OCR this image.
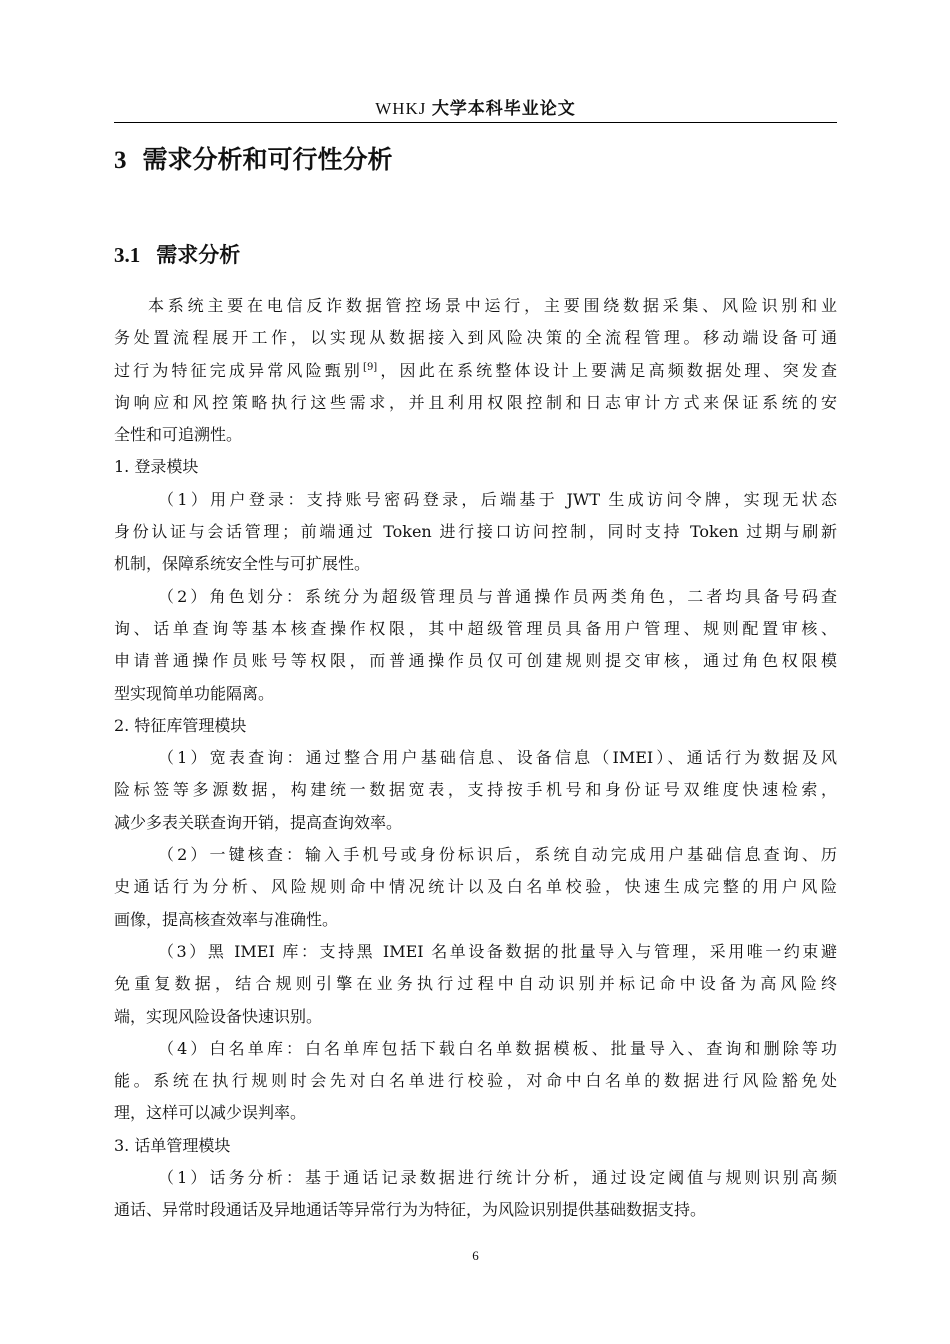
WHKJ 大学本科毕业论文
3 需求分析和可行性分析
3.1 需求分析
本系统主要在电信反诈数据管控场景中运行，主要围绕数据采集、风险识别和业
务处置流程展开工作，以实现从数据接入到风险决策的全流程管理。移动端设备可通
过行为特征完成异常风险甄别[9]，因此在系统整体设计上要满足高频数据处理、突发查
询响应和风控策略执行这些需求，并且利用权限控制和日志审计方式来保证系统的安
全性和可追溯性。
1. 登录模块
（1）用户登录：支持账号密码登录，后端基于 JWT 生成访问令牌，实现无状态
身份认证与会话管理；前端通过 Token 进行接口访问控制，同时支持 Token 过期与刷新
机制，保障系统安全性与可扩展性。
（2）角色划分：系统分为超级管理员与普通操作员两类角色，二者均具备号码查
询、话单查询等基本核查操作权限，其中超级管理员具备用户管理、规则配置审核、
申请普通操作员账号等权限，而普通操作员仅可创建规则提交审核，通过角色权限模
型实现简单功能隔离。
2. 特征库管理模块
（1）宽表查询：通过整合用户基础信息、设备信息（IMEI）、通话行为数据及风
险标签等多源数据，构建统一数据宽表，支持按手机号和身份证号双维度快速检索，
减少多表关联查询开销，提高查询效率。
（2）一键核查：输入手机号或身份标识后，系统自动完成用户基础信息查询、历
史通话行为分析、风险规则命中情况统计以及白名单校验，快速生成完整的用户风险
画像，提高核查效率与准确性。
（3）黑 IMEI 库：支持黑 IMEI 名单设备数据的批量导入与管理，采用唯一约束避
免重复数据，结合规则引擎在业务执行过程中自动识别并标记命中设备为高风险终
端，实现风险设备快速识别。
（4）白名单库：白名单库包括下载白名单数据模板、批量导入、查询和删除等功
能。系统在执行规则时会先对白名单进行校验，对命中白名单的数据进行风险豁免处
理，这样可以减少误判率。
3. 话单管理模块
（1）话务分析：基于通话记录数据进行统计分析，通过设定阈值与规则识别高频
通话、异常时段通话及异地通话等异常行为为特征，为风险识别提供基础数据支持。
6
